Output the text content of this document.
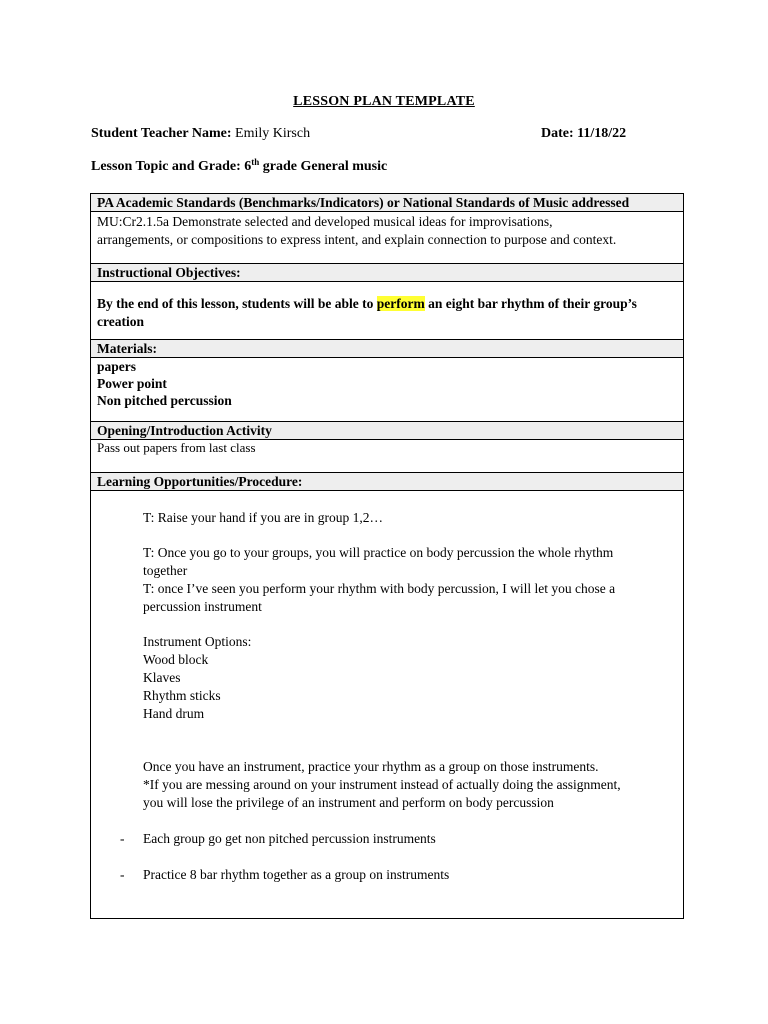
LESSON PLAN TEMPLATE
Student Teacher Name: Emily Kirsch	Date: 11/18/22
Lesson Topic and Grade: 6th grade General music
PA Academic Standards (Benchmarks/Indicators) or National Standards of Music addressed
MU:Cr2.1.5a Demonstrate selected and developed musical ideas for improvisations,
arrangements, or compositions to express intent, and explain connection to purpose and context.
Instructional Objectives:
By the end of this lesson, students will be able to perform an eight bar rhythm of their group’s
creation
Materials:
papers
Power point
Non pitched percussion
Opening/Introduction Activity
Pass out papers from last class
Learning Opportunities/Procedure:
T: Raise your hand if you are in group 1,2…
T: Once you go to your groups, you will practice on body percussion the whole rhythm
together
T: once I’ve seen you perform your rhythm with body percussion, I will let you chose a
percussion instrument
Instrument Options:
Wood block
Klaves
Rhythm sticks
Hand drum
Once you have an instrument, practice your rhythm as a group on those instruments.
*If you are messing around on your instrument instead of actually doing the assignment,
you will lose the privilege of an instrument and perform on body percussion
- Each group go get non pitched percussion instruments
- Practice 8 bar rhythm together as a group on instruments
